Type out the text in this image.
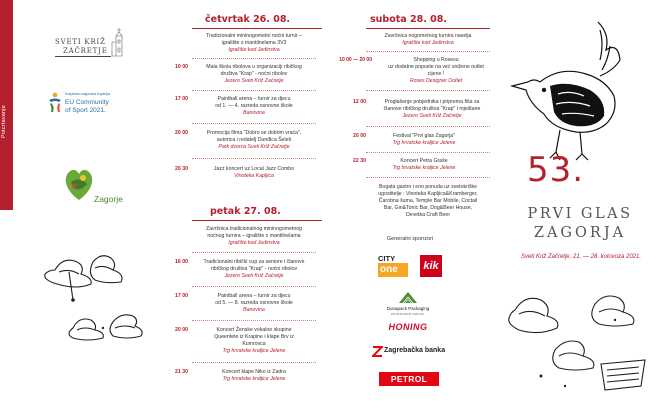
Potcrtavanje
SVETI KRIŽ
ZAČRETJE
Krapinsko-zagorska županija
EU Community
of Sport 2021.
Zagorje
četvrtak 26. 08.
Tradicionalni mininogometni noćni turnir –
igralište s mantilnelama 3V3
Igralište kod Jedinstva
10 00	Mala škola ribolova u organizaciji ribičkog
društva "Krap" - noćni ribolov
Jezero Sveti Križ Začretje
17 00	Paintball arena – turnir za djecu
od 1. — 4. razreda osnovne škole
Banovina
20 00	Promocija filma "Dobro se dobrim vraća",
autorica i redatelj Dunđica Šeleš
Park dvorca Sveti Križ Začretje
20 30	Jazz koncert uz Local Jazz Combo
Vinoteka Kapljica
petak 27. 08.
Završnica tradicionalnog mininogometnog
noćnog turnira – igralište s mantilnelama
Igralište kod Jedinstva
16 00	Tradicionalni ribički cup za seniore i članove
ribičkog društva "Krap" - noćni ribolov
Jezero Sveti Križ Začretje
17 00	Paintball arena – turnir za djecu
od 5. — 8. razreda osnovne škole
Banovina
20 00	Koncert Ženske vokalne skupine
Queentete iz Krapine i klape Brv iz
Kumrovca
Trg hrvatske kraljice Jelene
21 30	Koncert klape Niko iz Zadra
Trg hrvatske kraljice Jelene
subota 28. 08.
Završnica nogometnog turnira naselja
Igralište kod Jedinstva
10 00 — 20 00	Shopping u Rosesu
uz dodatne popuste na već snižene outlet
cijene !
Roses Designer Outlet
12 00	Proglašenje pobjednika i priprema fiša za
članove ribičkog društva "Krap" i mještane
Jezero Sveti Križ Začretje
20 00	Festival "Prvi glas Zagorja"
Trg hrvatske kraljice Jelene
22 30	Koncert Petra Graše
Trg hrvatske kraljice Jelene
Bogata gastro i eno ponuda uz svetokriške
ugostitelje : Vinoteka Kapljica&Kramberger,
Čarobna šuma, Temple Bar Mobile, Coctail
Bar, Gin&Tonic Bar, Dog&Beer House,
Devetka Craft Beer
Generalni sponzori
CITY
one	kik
Dunapack Packaging
PRINZHORN GROUP
HONING
Zagrebačka banka
PETROL
53.
PRVI GLAS
ZAGORJA
Sveti Križ Začretje, 21. — 28. kolovoza 2021.
